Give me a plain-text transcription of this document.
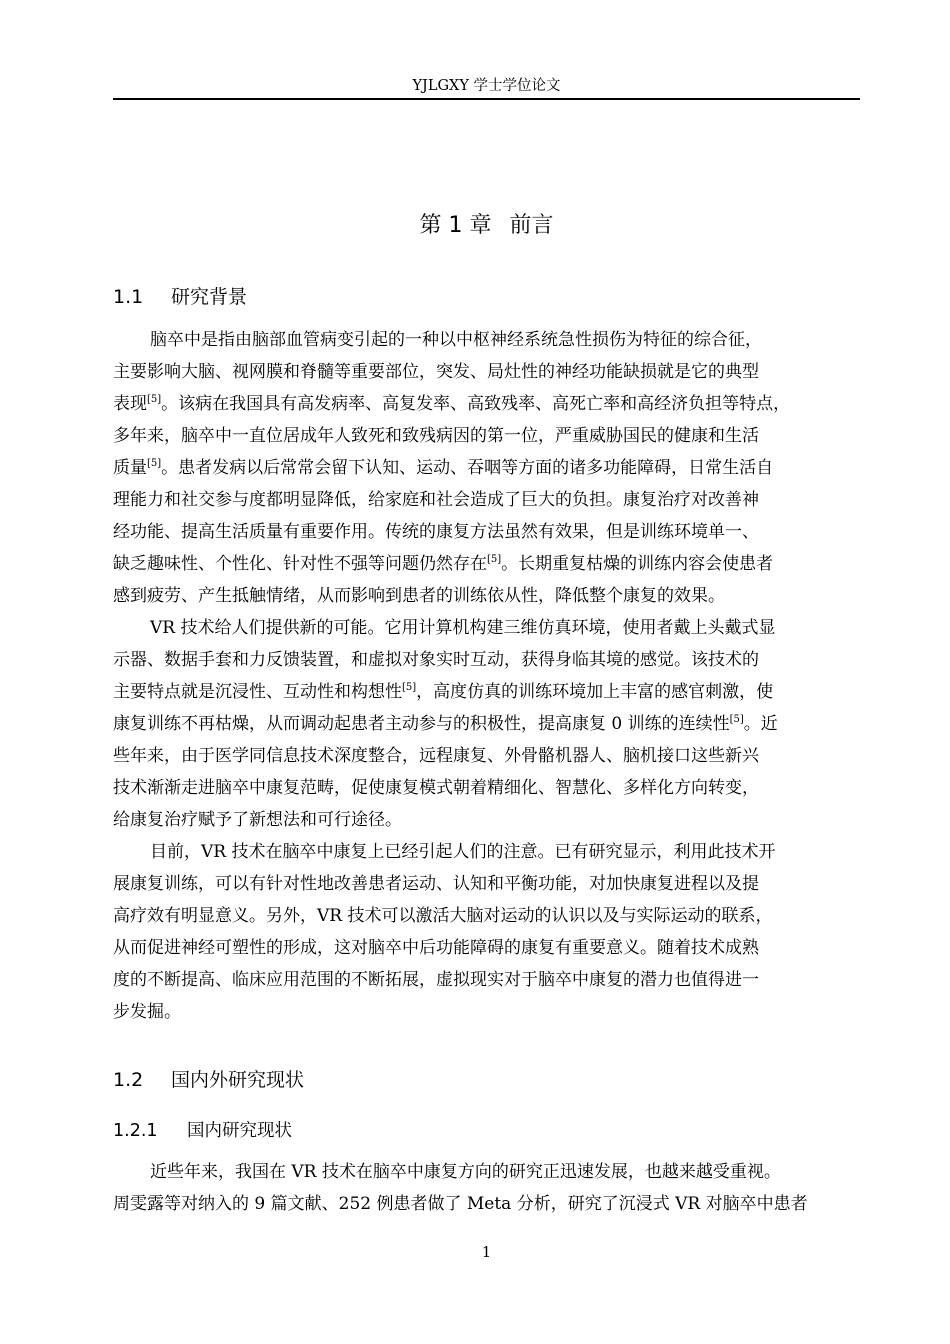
YJLGXY 学士学位论文
第 1 章 前言
1.1 研究背景
脑卒中是指由脑部血管病变引起的一种以中枢神经系统急性损伤为特征的综合征，
主要影响大脑、视网膜和脊髓等重要部位，突发、局灶性的神经功能缺损就是它的典型
表现[5]。该病在我国具有高发病率、高复发率、高致残率、高死亡率和高经济负担等特点，
多年来，脑卒中一直位居成年人致死和致残病因的第一位，严重威胁国民的健康和生活
质量[5]。患者发病以后常常会留下认知、运动、吞咽等方面的诸多功能障碍，日常生活自
理能力和社交参与度都明显降低，给家庭和社会造成了巨大的负担。康复治疗对改善神
经功能、提高生活质量有重要作用。传统的康复方法虽然有效果，但是训练环境单一、
缺乏趣味性、个性化、针对性不强等问题仍然存在[5]。长期重复枯燥的训练内容会使患者
感到疲劳、产生抵触情绪，从而影响到患者的训练依从性，降低整个康复的效果。
VR 技术给人们提供新的可能。它用计算机构建三维仿真环境，使用者戴上头戴式显
示器、数据手套和力反馈装置，和虚拟对象实时互动，获得身临其境的感觉。该技术的
主要特点就是沉浸性、互动性和构想性[5]，高度仿真的训练环境加上丰富的感官刺激，使
康复训练不再枯燥，从而调动起患者主动参与的积极性，提高康复 0 训练的连续性[5]。近
些年来，由于医学同信息技术深度整合，远程康复、外骨骼机器人、脑机接口这些新兴
技术渐渐走进脑卒中康复范畴，促使康复模式朝着精细化、智慧化、多样化方向转变，
给康复治疗赋予了新想法和可行途径。
目前，VR 技术在脑卒中康复上已经引起人们的注意。已有研究显示，利用此技术开
展康复训练，可以有针对性地改善患者运动、认知和平衡功能，对加快康复进程以及提
高疗效有明显意义。另外，VR 技术可以激活大脑对运动的认识以及与实际运动的联系，
从而促进神经可塑性的形成，这对脑卒中后功能障碍的康复有重要意义。随着技术成熟
度的不断提高、临床应用范围的不断拓展，虚拟现实对于脑卒中康复的潜力也值得进一
步发掘。
1.2 国内外研究现状
1.2.1 国内研究现状
近些年来，我国在 VR 技术在脑卒中康复方向的研究正迅速发展，也越来越受重视。
周雯露等对纳入的 9 篇文献、252 例患者做了 Meta 分析，研究了沉浸式 VR 对脑卒中患者
1
